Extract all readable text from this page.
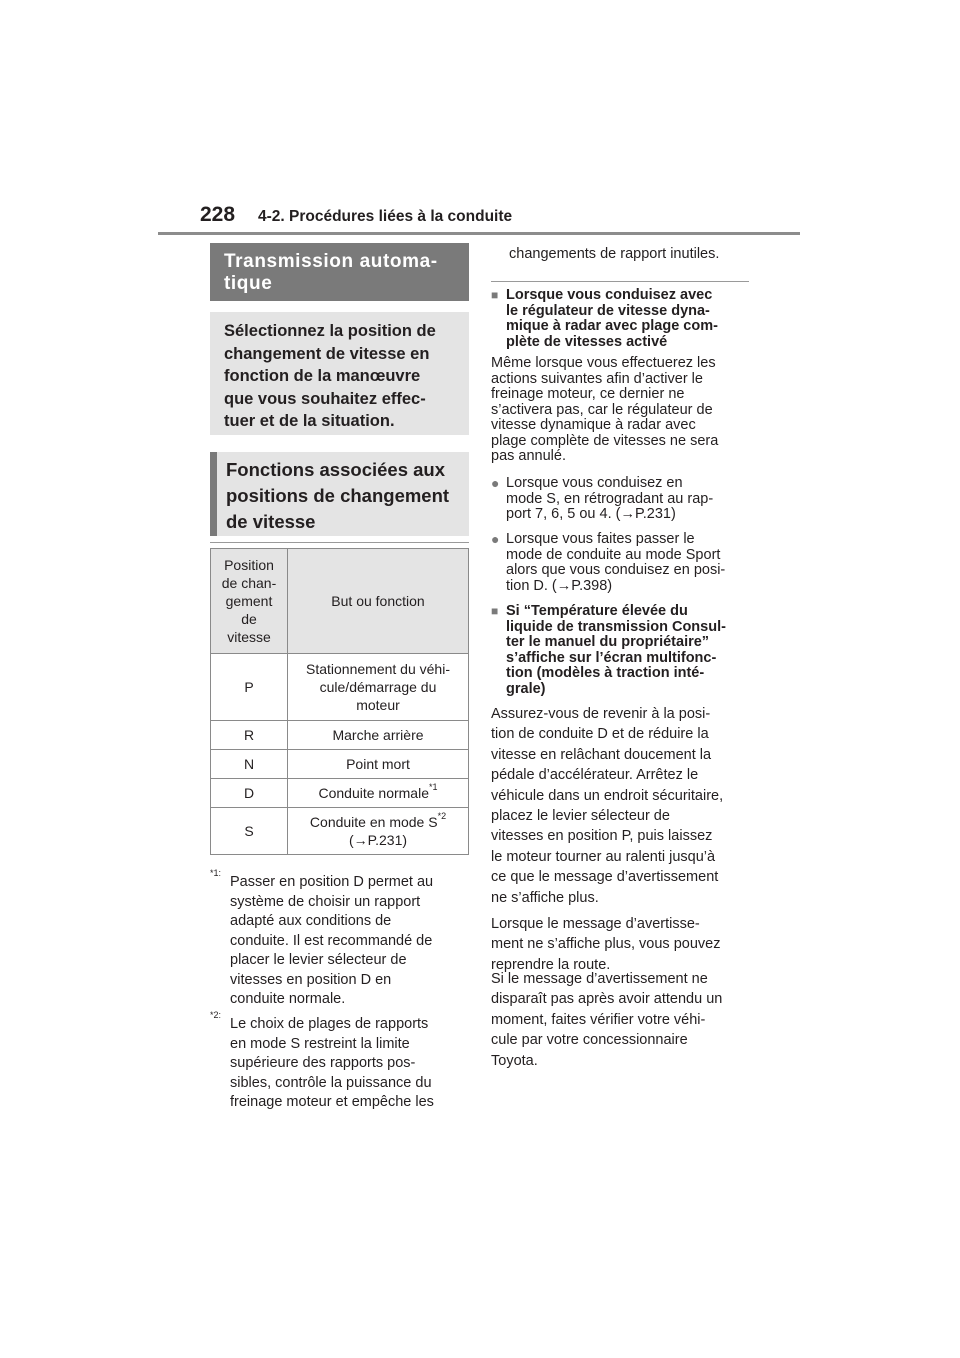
228 4-2. Procédures liées à la conduite
Transmission automa-
tique
Sélectionnez la position de
changement de vitesse en
fonction de la manœuvre
que vous souhaitez effec-
tuer et de la situation.
Fonctions associées aux
positions de changement
de vitesse
Position
de chan-
gement
de
vitesse	But ou fonction
P	Stationnement du véhi-
cule/démarrage du
moteur

R	Marche arrière
N	Point mort
D	Conduite normale$^{*1}$
S	Conduite en mode $S^{*2}$
(→P.231)
*1:
Passer en position D permet au
système de choisir un rapport
adapté aux conditions de
conduite. Il est recommandé de
placer le levier sélecteur de
vitesses en position D en
conduite normale.
*2:
Le choix de plages de rapports
en mode S restreint la limite
supérieure des rapports pos-
sibles, contrôle la puissance du
freinage moteur et empêche les
changements de rapport inutiles.
■ Lorsque vous conduisez avec
le régulateur de vitesse dyna-
mique à radar avec plage com-
plète de vitesses activé
Même lorsque vous effectuerez les
actions suivantes afin d’activer le
freinage moteur, ce dernier ne
s’activera pas, car le régulateur de
vitesse dynamique à radar avec
plage complète de vitesses ne sera
pas annulé.
● Lorsque vous conduisez en
mode S, en rétrogradant au rap-
port 7, 6, 5 ou 4. (→P.231)
● Lorsque vous faites passer le
mode de conduite au mode Sport
alors que vous conduisez en posi-
tion D. (→P.398)
■ Si “Température élevée du
liquide de transmission Consul-
ter le manuel du propriétaire”
s’affiche sur l’écran multifonc-
tion (modèles à traction inté-
grale)
Assurez-vous de revenir à la posi-
tion de conduite D et de réduire la
vitesse en relâchant doucement la
pédale d’accélérateur. Arrêtez le
véhicule dans un endroit sécuritaire,
placez le levier sélecteur de
vitesses en position P, puis laissez
le moteur tourner au ralenti jusqu’à
ce que le message d’avertissement
ne s’affiche plus.
Lorsque le message d’avertisse-
ment ne s’affiche plus, vous pouvez
reprendre la route.
Si le message d’avertissement ne
disparaît pas après avoir attendu un
moment, faites vérifier votre véhi-
cule par votre concessionnaire
Toyota.
